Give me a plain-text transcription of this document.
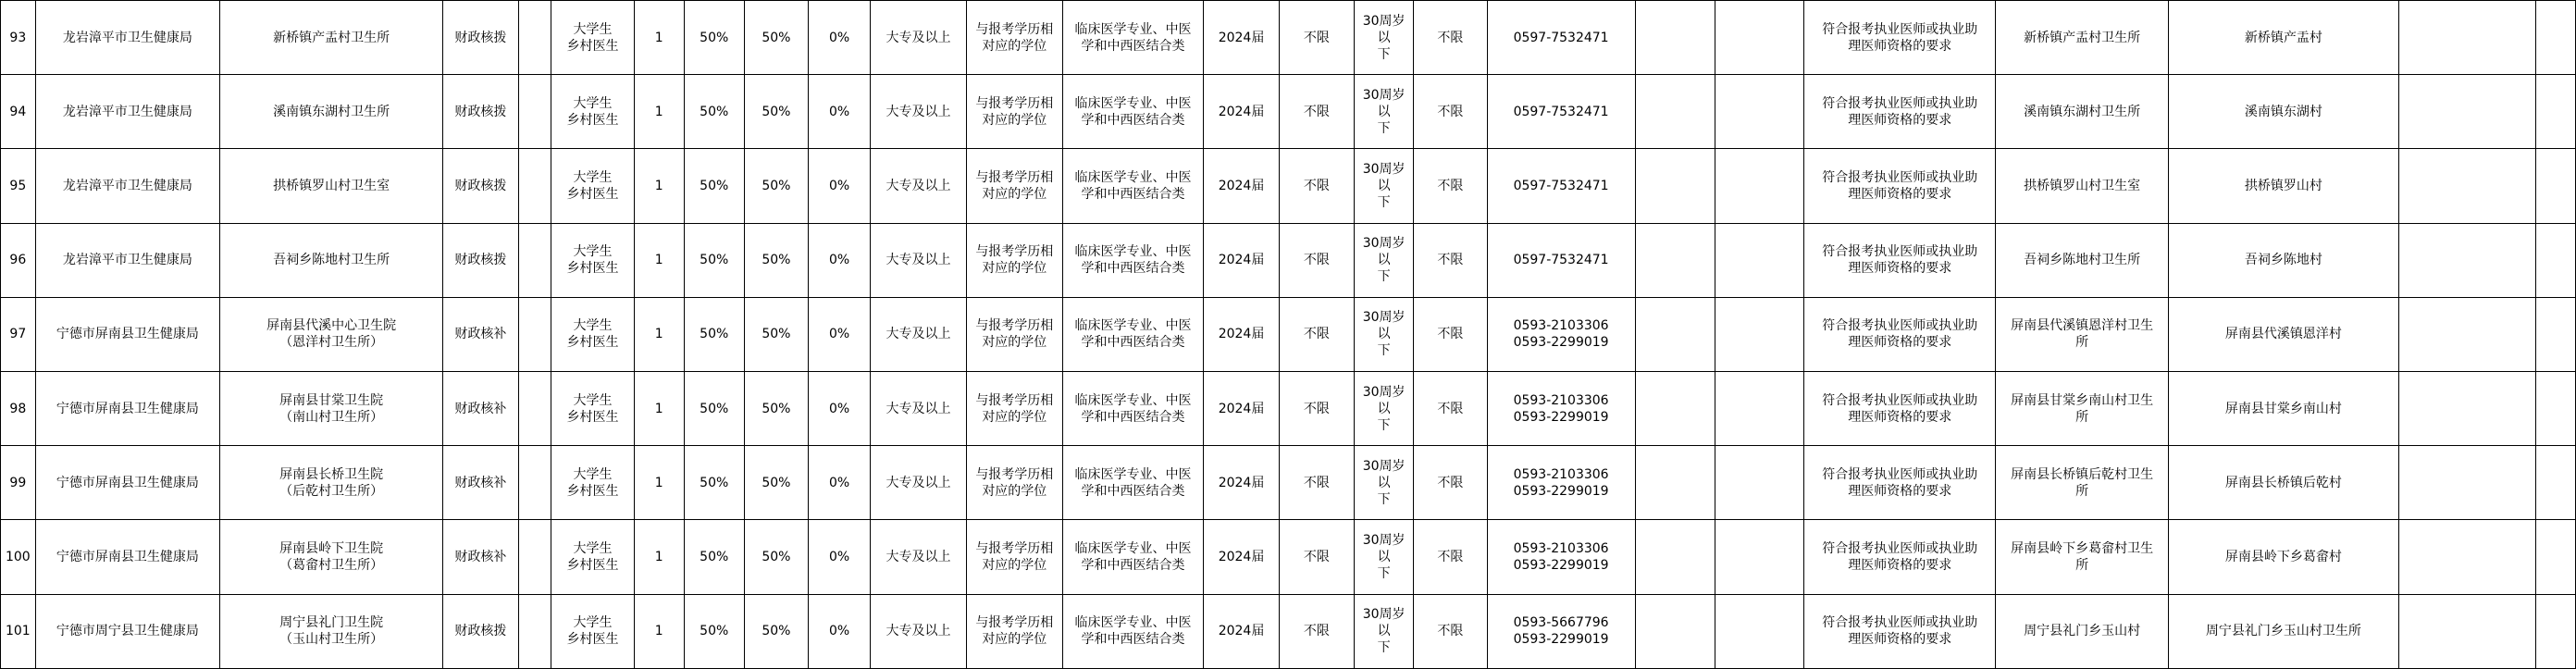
93	龙岩漳平市卫生健康局	新桥镇产盂村卫生所	财政核拨		大学生
乡村医生	1	50%	50%	0%	大专及以上	与报考学历相
对应的学位	临床医学专业、中医
学和中西医结合类	2024届	不限	30周岁以
下	不限	0597-7532471			符合报考执业医师或执业助
理医师资格的要求	新桥镇产盂村卫生所	新桥镇产盂村		
94	龙岩漳平市卫生健康局	溪南镇东湖村卫生所	财政核拨		大学生
乡村医生	1	50%	50%	0%	大专及以上	与报考学历相
对应的学位	临床医学专业、中医
学和中西医结合类	2024届	不限	30周岁以
下	不限	0597-7532471			符合报考执业医师或执业助
理医师资格的要求	溪南镇东湖村卫生所	溪南镇东湖村		
95	龙岩漳平市卫生健康局	拱桥镇罗山村卫生室	财政核拨		大学生
乡村医生	1	50%	50%	0%	大专及以上	与报考学历相
对应的学位	临床医学专业、中医
学和中西医结合类	2024届	不限	30周岁以
下	不限	0597-7532471			符合报考执业医师或执业助
理医师资格的要求	拱桥镇罗山村卫生室	拱桥镇罗山村		
96	龙岩漳平市卫生健康局	吾祠乡陈地村卫生所	财政核拨		大学生
乡村医生	1	50%	50%	0%	大专及以上	与报考学历相
对应的学位	临床医学专业、中医
学和中西医结合类	2024届	不限	30周岁以
下	不限	0597-7532471			符合报考执业医师或执业助
理医师资格的要求	吾祠乡陈地村卫生所	吾祠乡陈地村		
97	宁德市屏南县卫生健康局	屏南县代溪中心卫生院
（恩洋村卫生所）	财政核补		大学生
乡村医生	1	50%	50%	0%	大专及以上	与报考学历相
对应的学位	临床医学专业、中医
学和中西医结合类	2024届	不限	30周岁以
下	不限	0593-2103306
0593-2299019			符合报考执业医师或执业助
理医师资格的要求	屏南县代溪镇恩洋村卫生
所	屏南县代溪镇恩洋村		
98	宁德市屏南县卫生健康局	屏南县甘棠卫生院
（南山村卫生所）	财政核补		大学生
乡村医生	1	50%	50%	0%	大专及以上	与报考学历相
对应的学位	临床医学专业、中医
学和中西医结合类	2024届	不限	30周岁以
下	不限	0593-2103306
0593-2299019			符合报考执业医师或执业助
理医师资格的要求	屏南县甘棠乡南山村卫生
所	屏南县甘棠乡南山村		
99	宁德市屏南县卫生健康局	屏南县长桥卫生院
（后乾村卫生所）	财政核补		大学生
乡村医生	1	50%	50%	0%	大专及以上	与报考学历相
对应的学位	临床医学专业、中医
学和中西医结合类	2024届	不限	30周岁以
下	不限	0593-2103306
0593-2299019			符合报考执业医师或执业助
理医师资格的要求	屏南县长桥镇后乾村卫生
所	屏南县长桥镇后乾村		
100	宁德市屏南县卫生健康局	屏南县岭下卫生院
（葛畲村卫生所）	财政核补		大学生
乡村医生	1	50%	50%	0%	大专及以上	与报考学历相
对应的学位	临床医学专业、中医
学和中西医结合类	2024届	不限	30周岁以
下	不限	0593-2103306
0593-2299019			符合报考执业医师或执业助
理医师资格的要求	屏南县岭下乡葛畲村卫生
所	屏南县岭下乡葛畲村		
101	宁德市周宁县卫生健康局	周宁县礼门卫生院
（玉山村卫生所）	财政核拨		大学生
乡村医生	1	50%	50%	0%	大专及以上	与报考学历相
对应的学位	临床医学专业、中医
学和中西医结合类	2024届	不限	30周岁以
下	不限	0593-5667796
0593-2299019			符合报考执业医师或执业助
理医师资格的要求	周宁县礼门乡玉山村	周宁县礼门乡玉山村卫生所		
